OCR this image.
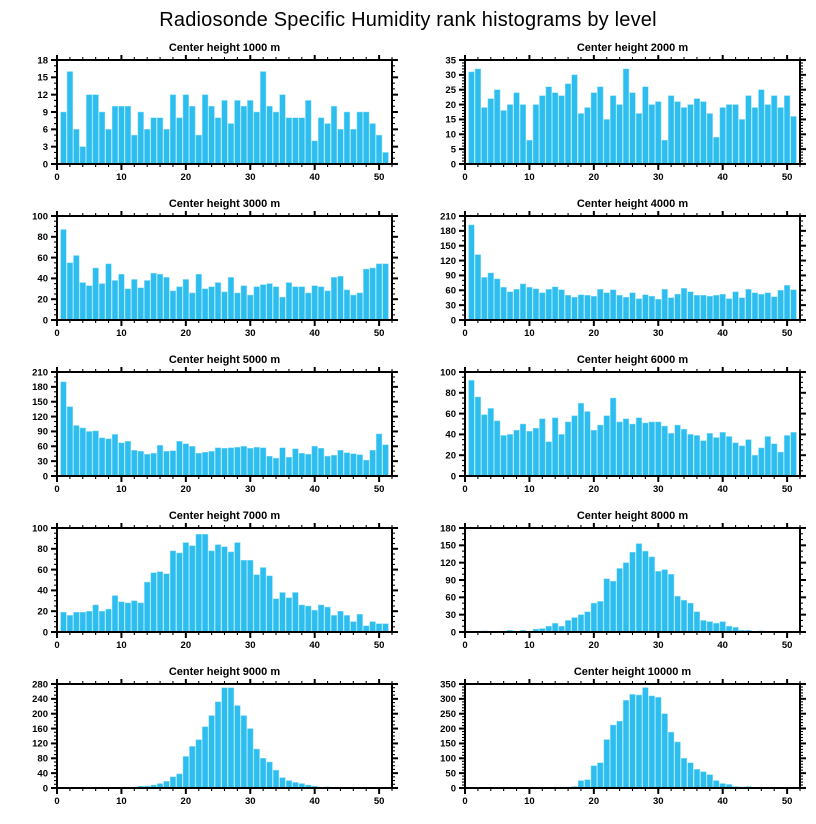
Radiosonde Specific Humidity rank histograms by level
Center height 1000 m
0	10	20	30	40	50
0
3
6
9
12
15
18
Center height 2000 m
0	10	20	30	40	50
0
5
10
15
20
25
30
35
Center height 3000 m
0	10	20	30	40	50
0
20
40
60
80
100
Center height 4000 m
0	10	20	30	40	50
0
30
60
90
120
150
180
210
Center height 5000 m
0	10	20	30	40	50
0
30
60
90
120
150
180
210
Center height 6000 m
0	10	20	30	40	50
0
20
40
60
80
100
Center height 7000 m
0	10	20	30	40	50
0
20
40
60
80
100
Center height 8000 m
0	10	20	30	40	50
0
30
60
90
120
150
180
Center height 9000 m
0	10	20	30	40	50
0
40
80
120
160
200
240
280
Center height 10000 m
0	10	20	30	40	50
0
50
100
150
200
250
300
350
